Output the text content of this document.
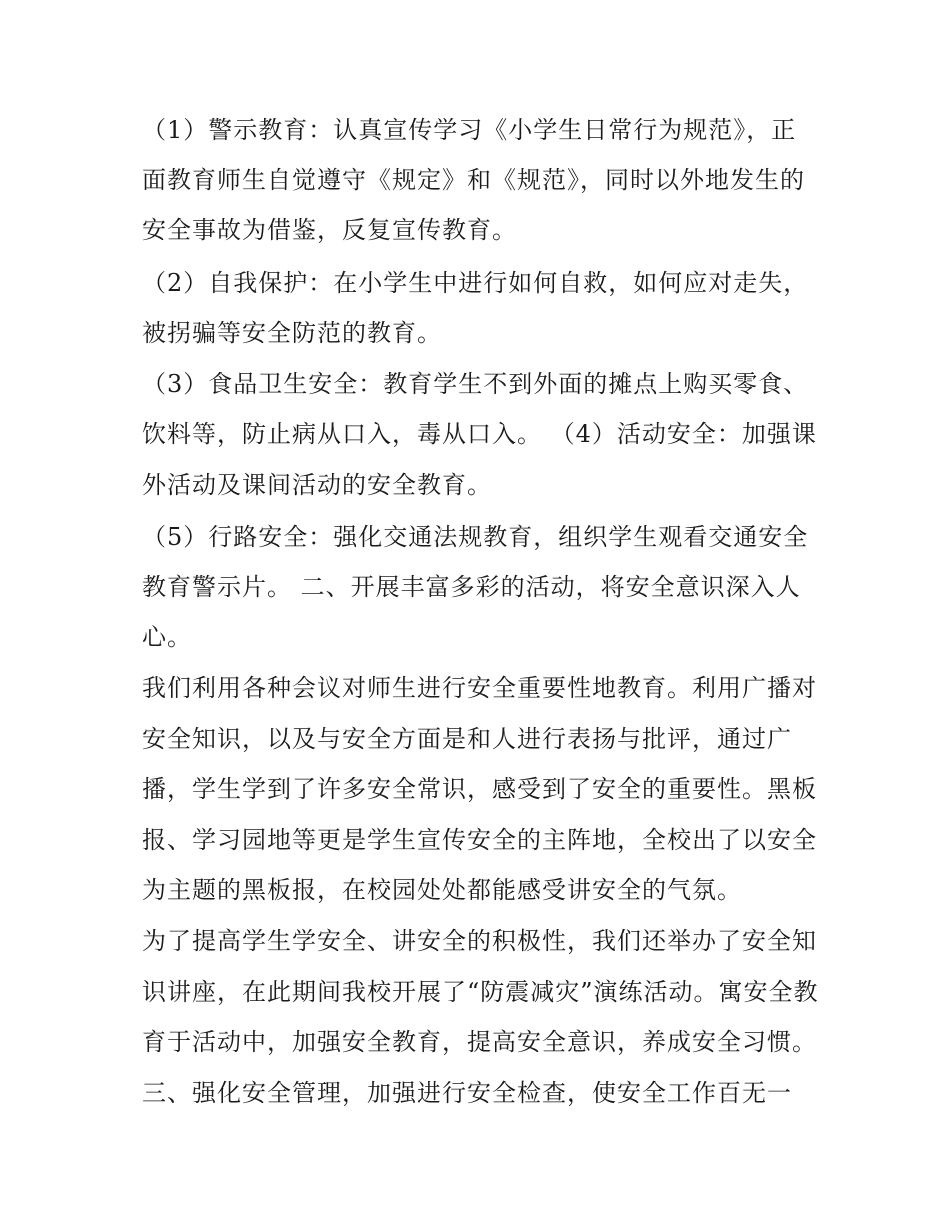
（1）警示教育：认真宣传学习《小学生日常行为规范》，正
面教育师生自觉遵守《规定》和《规范》，同时以外地发生的
安全事故为借鉴，反复宣传教育。
（2）自我保护：在小学生中进行如何自救，如何应对走失，
被拐骗等安全防范的教育。
（3）食品卫生安全：教育学生不到外面的摊点上购买零食、
饮料等，防止病从口入，毒从口入。 （4）活动安全：加强课
外活动及课间活动的安全教育。
（5）行路安全：强化交通法规教育，组织学生观看交通安全
教育警示片。 二、开展丰富多彩的活动，将安全意识深入人
心。
我们利用各种会议对师生进行安全重要性地教育。利用广播对
安全知识，以及与安全方面是和人进行表扬与批评，通过广
播，学生学到了许多安全常识，感受到了安全的重要性。黑板
报、学习园地等更是学生宣传安全的主阵地，全校出了以安全
为主题的黑板报，在校园处处都能感受讲安全的气氛。
为了提高学生学安全、讲安全的积极性，我们还举办了安全知
识讲座，在此期间我校开展了“防震减灾”演练活动。寓安全教
育于活动中，加强安全教育，提高安全意识，养成安全习惯。
三、强化安全管理，加强进行安全检查，使安全工作百无一
